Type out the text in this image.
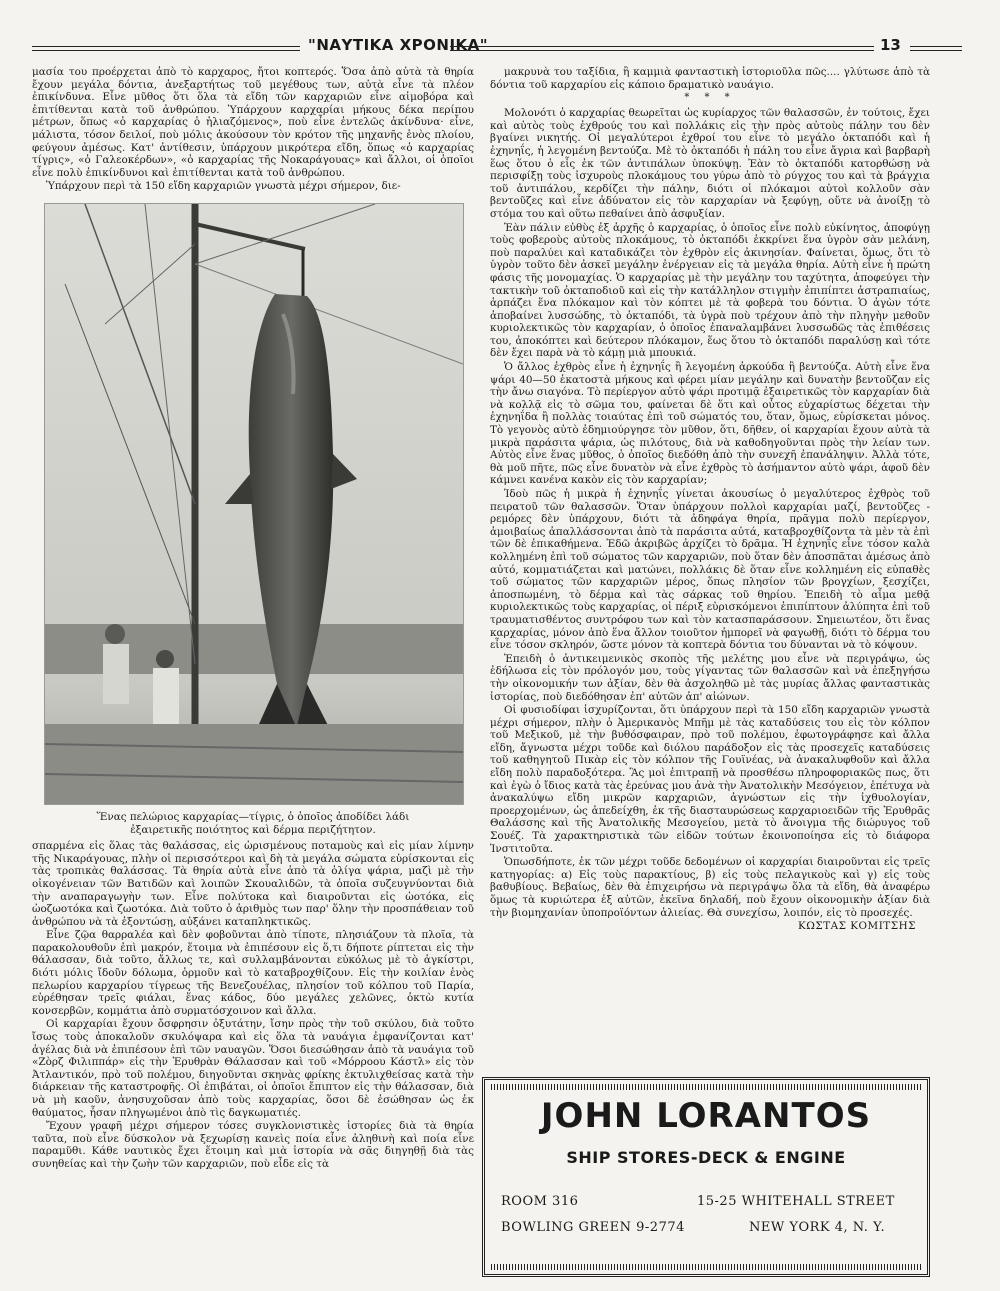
"ΝΑΥΤΙΚΑ ΧΡΟΝΙΚΑ"	13

μασία του προέρχεται ἀπὸ τὸ καρχαρος, ἤτοι κοπτερός. Ὅσα ἀπὸ αὐτὰ τὰ θηρία ἔχουν μεγάλα δόντια, ἀνεξαρτήτως τοῦ μεγέθους των, αὐτὰ εἶνε τὰ πλέον ἐπικίνδυνα. Εἶνε μῦθος ὅτι ὅλα τὰ εἴδη τῶν καρχαριῶν εἶνε αἱμοβόρα καὶ ἐπιτίθενται κατὰ τοῦ ἀνθρώπου. Ὑπάρχουν καρχαρίαι μήκους δέκα περίπου μέτρων, ὅπως «ὁ καρχαρίας ὁ ἡλιαζόμενος», ποὺ εἶνε ἐντελῶς ἀκίνδυνα· εἶνε, μάλιστα, τόσον δειλοί, ποὺ μόλις ἀκούσουν τὸν κρότον τῆς μηχανῆς ἑνὸς πλοίου, φεύγουν ἀμέσως. Κατ' ἀντίθεσιν, ὑπάρχουν μικρότερα εἴδη, ὅπως «ὁ καρχαρίας τίγρις», «ὁ Γαλεοκέρδων», «ὁ καρχαρίας τῆς Νοκαράγουας» καὶ ἄλλοι, οἱ ὁποῖοι εἶνε πολὺ ἐπικίνδυνοι καὶ ἐπιτίθενται κατὰ τοῦ ἀνθρώπου.

Ὑπάρχουν περὶ τὰ 150 εἴδη καρχαριῶν γνωστὰ μέχρι σήμερον, διε-

Ἕνας πελώριος καρχαρίας—τίγρις, ὁ ὁποῖος ἀποδίδει λάδι
ἐξαιρετικῆς ποιότητος καὶ δέρμα περιζήτητον.

σπαρμένα εἰς ὅλας τὰς θαλάσσας, εἰς ὡρισμένους ποταμοὺς καὶ εἰς μίαν λίμνην τῆς Νικαράγουας, πλὴν οἱ περισσότεροι καὶ δὴ τὰ μεγάλα σώματα εὑρίσκονται εἰς τὰς τροπικὰς θαλάσσας. Τὰ θηρία αὐτὰ εἶνε ἀπὸ τὰ ὀλίγα ψάρια, μαζὶ μὲ τὴν οἰκογένειαν τῶν Βατιδῶν καὶ λοιπῶν Σκουαλιδῶν, τὰ ὁποῖα συζευγνύονται διὰ τὴν αναπαραγωγὴν των. Εἶνε πολύτοκα καὶ διαιροῦνται εἰς ὠοτόκα, εἰς ὠοζωοτόκα καὶ ζωοτόκα. Διὰ τοῦτο ὁ ἀριθμὸς των παρ' ὅλην τὴν προσπάθειαν τοῦ ἀνθρώπου νὰ τὰ ἐξοντώσῃ, αὐξάνει καταπληκτικῶς.

Εἶνε ζῷα θαρραλέα καὶ δὲν φοβοῦνται ἀπὸ τίποτε, πλησιάζουν τὰ πλοῖα, τὰ παρακολουθοῦν ἐπὶ μακρόν, ἕτοιμα νὰ ἐπιπέσουν εἰς ὅ,τι δήποτε ρίπτεται εἰς τὴν θάλασσαν, διὰ τοῦτο, ἄλλως τε, καὶ συλλαμβάνονται εὐκόλως μὲ τὸ ἀγκίστρι, διότι μόλις ἴδοῦν δόλωμα, ὁρμοῦν καὶ τὸ καταβροχθίζουν. Εἰς τὴν κοιλίαν ἑνὸς πελωρίου καρχαρίου τίγρεως τῆς Βενεζουέλας, πλησίον τοῦ κόλπου τοῦ Παρία, εὑρέθησαν τρεῖς φιάλαι, ἕνας κάδος, δύο μεγάλες χελῶνες, ὀκτὼ κυτία κονσερβῶν, κομμάτια ἀπὸ συρματόσχοινον καὶ ἄλλα.

Οἱ καρχαρίαι ἔχουν ὄσφρησιν ὀξυτάτην, ἴσην πρὸς τὴν τοῦ σκύλου, διὰ τοῦτο ἴσως τοὺς ἀποκαλοῦν σκυλόψαρα καὶ εἰς ὅλα τὰ ναυάγια ἐμφανίζονται κατ' ἀγέλας διὰ νὰ ἐπιπέσουν ἐπὶ τῶν ναυαγῶν. Ὅσοι διεσώθησαν ἀπὸ τὰ ναυάγια τοῦ «Ζὸρζ Φιλιππάρ» εἰς τὴν Ἐρυθρὰν Θάλασσαν καὶ τοῦ «Μόρρoου Κάστλ» εἰς τὸν Ἀτλαντικόν, πρὸ τοῦ πολέμου, διηγοῦνται σκηνὰς φρίκης ἐκτυλιχθείσας κατὰ τὴν διάρκειαν τῆς καταστροφῆς. Οἱ ἐπιβάται, οἱ ὁποῖοι ἔπιπτον εἰς τὴν θάλασσαν, διὰ νὰ μὴ καοῦν, ἀνησυχοῦσαν ἀπὸ τοὺς καρχαρίας, ὅσοι δὲ ἐσώθησαν ὡς ἐκ θαύματος, ἦσαν πληγωμένοι ἀπὸ τὶς δαγκωματιές.

Ἔχουν γραφῆ μέχρι σήμερον τόσες συγκλονιστικὲς ἱστορίες διὰ τὰ θηρία ταῦτα, ποὺ εἶνε δύσκολον νὰ ξεχωρίσῃ κανεὶς ποία εἶνε ἀληθινὴ καὶ ποία εἶνε παραμῦθι. Κάθε ναυτικὸς ἔχει ἕτοιμη καὶ μιὰ ἱστορία νὰ σᾶς διηγηθῇ διὰ τὰς συνηθείας καὶ τὴν ζωὴν τῶν καρχαριῶν, ποὺ εἶδε εἰς τὰ

μακρυνὰ του ταξίδια, ἢ καμμιὰ φανταστικὴ ἱστοριοῦλα πῶς.... γλύτωσε ἀπὸ τὰ δόντια τοῦ καρχαρίου εἰς κάποιο δραματικὸ ναυάγιο.

* * *

Μολονότι ὁ καρχαρίας θεωρεῖται ὡς κυρίαρχος τῶν θαλασσῶν, ἐν τούτοις, ἔχει καὶ αὐτὸς τοὺς ἐχθρούς του καὶ πολλάκις εἰς τὴν πρὸς αὐτοὺς πάλην του δὲν βγαίνει νικητής. Οἱ μεγαλύτεροι ἐχθροί του εἶνε τὸ μεγάλο ὀκταπόδι καὶ ἡ ἐχηνηΐς, ἡ λεγομένη βεντούζα. Μὲ τὸ ὀκταπόδι ἡ πάλη του εἶνε ἄγρια καὶ βαρβαρὴ ἕως ὅτου ὁ εἷς ἐκ τῶν ἀντιπάλων ὑποκύψῃ. Ἐὰν τὸ ὀκταπόδι κατορθώσῃ νὰ περισφίξῃ τοὺς ἰσχυροὺς πλοκάμους του γύρω ἀπὸ τὸ ρύγχος του καὶ τὰ βράγχια τοῦ ἀντιπάλου, κερδίζει τὴν πάλην, διότι οἱ πλόκαμοι αὐτοὶ κολλοῦν σὰν βεντοῦζες καὶ εἶνε ἀδύνατον εἰς τὸν καρχαρίαν νὰ ξεφύγῃ, οὔτε νὰ ἀνοίξῃ τὸ στόμα του καὶ οὕτω πεθαίνει ἀπὸ ἀσφυξίαν.

Ἐὰν πάλιν εὐθὺς ἐξ ἀρχῆς ὁ καρχαρίας, ὁ ὁποῖος εἶνε πολὺ εὐκίνητος, ἀποφύγῃ τοὺς φοβεροὺς αὐτοὺς πλοκάμους, τὸ ὀκταπόδι ἐκκρίνει ἕνα ὑγρὸν σὰν μελάνη, ποὺ παραλύει καὶ καταδικάζει τὸν ἐχθρὸν εἰς ἀκινησίαν. Φαίνεται, ὅμως, ὅτι τὸ ὑγρὸν τοῦτο δὲν ἀσκεῖ μεγάλην ἐνέργειαν εἰς τὰ μεγάλα θηρία. Αὐτὴ εἶνε ἡ πρώτη φάσις τῆς μονομαχίας. Ὁ καρχαρίας μὲ τὴν μεγάλην του ταχύτητα, ἀποφεύγει τὴν τακτικὴν τοῦ ὀκταποδιοῦ καὶ εἰς τὴν κατάλληλον στιγμὴν ἐπιπίπτει ἀστραπιαίως, ἁρπάζει ἕνα πλόκαμον καὶ τὸν κόπτει μὲ τὰ φοβερὰ του δόντια. Ὁ ἀγὼν τότε ἀποβαίνει λυσσώδης, τὸ ὀκταπόδι, τὰ ὑγρὰ ποὺ τρέχουν ἀπὸ τὴν πληγὴν μεθοῦν κυριολεκτικῶς τὸν καρχαρίαν, ὁ ὁποῖος ἐπαναλαμβάνει λυσσωδῶς τὰς ἐπιθέσεις του, ἀποκόπτει καὶ δεύτερον πλόκαμον, ἕως ὅτου τὸ ὀκταπόδι παραλύσῃ καὶ τότε δὲν ἔχει παρὰ νὰ τὸ κάμῃ μιὰ μπουκιά.

Ὁ ἄλλος ἐχθρὸς εἶνε ἡ ἐχηνηΐς ἢ λεγομένη ἀρκούδα ἢ βεντούζα. Αὐτὴ εἶνε ἕνα ψάρι 40—50 ἑκατοστὰ μήκους καὶ φέρει μίαν μεγάλην καὶ δυνατὴν βεντοῦζαν εἰς τὴν ἄνω σιαγόνα. Τὸ περίεργον αὐτὸ ψάρι προτιμᾷ ἐξαιρετικῶς τὸν καρχαρίαν διὰ νὰ κολλᾷ εἰς τὸ σῶμα του, φαίνεται δὲ ὅτι καὶ οὗτος εὐχαρίστως δέχεται τὴν ἐχηνηΐδα ἢ πολλὰς τοιαύτας ἐπὶ τοῦ σώματός του, ὅταν, ὅμως, εὑρίσκεται μόνος. Τὸ γεγονὸς αὐτὸ ἐδημιούργησε τὸν μῦθον, ὅτι, δῆθεν, οἱ καρχαρίαι ἔχουν αὐτὰ τὰ μικρὰ παράσιτα ψάρια, ὡς πιλότους, διὰ νὰ καθοδηγοῦνται πρὸς τὴν λείαν των. Αὐτὸς εἶνε ἕνας μῦθος, ὁ ὁποῖος διεδόθη ἀπὸ τὴν συνεχῆ ἐπανάληψιν. Ἀλλὰ τότε, θὰ μοῦ πῆτε, πῶς εἶνε δυνατὸν νὰ εἶνε ἐχθρὸς τὸ ἀσήμαντον αὐτὸ ψάρι, ἀφοῦ δὲν κάμνει κανένα κακὸν εἰς τὸν καρχαρίαν;

Ἰδοὺ πῶς ἡ μικρὰ ἡ ἐχηνηΐς γίνεται ἀκουσίως ὁ μεγαλύτερος ἐχθρὸς τοῦ πειρατοῦ τῶν θαλασσῶν. Ὅταν ὑπάρχουν πολλοὶ καρχαρίαι μαζί, βεντοῦζες - ρεμόρες δὲν ὑπάρχουν, διότι τὰ ἀδηφάγα θηρία, πρᾶγμα πολὺ περίεργον, ἀμοιβαίως ἀπαλλάσσονται ἀπὸ τὰ παράσιτα αὐτά, καταβροχθίζοντα τὰ μὲν τὰ ἐπὶ τῶν δὲ ἐπικαθήμενα. Ἐδῶ ἀκριβῶς ἀρχίζει τὸ δρᾶμα. Ἡ ἐχηνηΐς εἶνε τόσον καλὰ κολλημένη ἐπὶ τοῦ σώματος τῶν καρχαριῶν, ποὺ ὅταν δὲν ἀποσπᾶται ἀμέσως ἀπὸ αὐτό, κομματιάζεται καὶ ματώνει, πολλάκις δὲ ὅταν εἶνε κολλημένη εἰς εὐπαθὲς τοῦ σώματος τῶν καρχαριῶν μέρος, ὅπως πλησίον τῶν βρογχίων, ξεσχίζει, ἀποσπωμένη, τὸ δέρμα καὶ τὰς σάρκας τοῦ θηρίου. Ἐπειδὴ τὸ αἷμα μεθᾷ κυριολεκτικῶς τοὺς καρχαρίας, οἱ πέριξ εὑρισκόμενοι ἐπιπίπτουν ἀλύπητα ἐπὶ τοῦ τραυματισθέντος συντρόφου των καὶ τὸν κατασπαράσσουν. Σημειωτέον, ὅτι ἕνας καρχαρίας, μόνον ἀπὸ ἕνα ἄλλον τοιοῦτον ἠμπορεῖ νὰ φαγωθῇ, διότι τὸ δέρμα του εἶνε τόσον σκληρόν, ὥστε μόνον τὰ κοπτερὰ δόντια του δύνανται νὰ τὸ κόψουν.

Ἐπειδὴ ὁ ἀντικειμενικὸς σκοπὸς τῆς μελέτης μου εἶνε νὰ περιγράψω, ὡς ἐδήλωσα εἰς τὸν πρόλογόν μου, τοὺς γίγαντας τῶν θαλασσῶν καὶ νὰ ἐπεξηγήσω τὴν οἰκονομικήν των ἀξίαν, δὲν θὰ ἀσχοληθῶ μὲ τὰς μυρίας ἄλλας φανταστικὰς ἱστορίας, ποὺ διεδόθησαν ἐπ' αὐτῶν ἀπ' αἰώνων.

Οἱ φυσιοδίφαι ἰσχυρίζονται, ὅτι ὑπάρχουν περὶ τὰ 150 εἴδη καρχαριῶν γνωστὰ μέχρι σήμερον, πλὴν ὁ Ἀμερικανὸς Μπῆμ μὲ τὰς καταδύσεις του εἰς τὸν κόλπον τοῦ Μεξικοῦ, μὲ τὴν βυθόσφαιραν, πρὸ τοῦ πολέμου, ἐφωτογράφησε καὶ ἄλλα εἴδη, ἄγνωστα μέχρι τοῦδε καὶ διόλου παράδοξον εἰς τὰς προσεχεῖς καταδύσεις τοῦ καθηγητοῦ Πικὰρ εἰς τὸν κόλπον τῆς Γουϊνέας, νὰ ἀνακαλυφθοῦν καὶ ἄλλα εἴδη πολὺ παραδοξότερα. Ἂς μοὶ ἐπιτραπῇ νὰ προσθέσω πληροφοριακῶς πως, ὅτι καὶ ἐγὼ ὁ ἴδιος κατὰ τὰς ἐρεύνας μου ἀνὰ τὴν Ἀνατολικὴν Μεσόγειον, ἐπέτυχα νὰ ἀνακαλύψω εἴδη μικρῶν καρχαριῶν, ἀγνώστων εἰς τὴν ἰχθυολογίαν, προερχομένων, ὡς ἀπεδείχθη, ἐκ τῆς διασταυρώσεως καρχαριοειδῶν τῆς Ἐρυθρᾶς Θαλάσσης καὶ τῆς Ἀνατολικῆς Μεσογείου, μετὰ τὸ ἄνοιγμα τῆς διώρυγος τοῦ Σουέζ. Τὰ χαρακτηριστικὰ τῶν εἰδῶν τούτων ἐκοινοποίησα εἰς τὸ διάφορα Ἰνστιτοῦτα.

Ὁπωσδήποτε, ἐκ τῶν μέχρι τοῦδε δεδομένων οἱ καρχαρίαι διαιροῦνται εἰς τρεῖς κατηγορίας: α) Εἰς τοὺς παρακτίους, β) εἰς τοὺς πελαγικοὺς καὶ γ) εἰς τοὺς βαθυβίους. Βεβαίως, δὲν θὰ ἐπιχειρήσω νὰ περιγράψω ὅλα τὰ εἴδη, θὰ ἀναφέρω ὅμως τὰ κυριώτερα ἐξ αὐτῶν, ἐκεῖνα δηλαδή, ποὺ ἔχουν οἰκονομικὴν ἀξίαν διὰ τὴν βιομηχανίαν ὑποπροϊόντων ἁλιείας. Θὰ συνεχίσω, λοιπόν, εἰς τὸ προσεχές.

ΚΩΣΤΑΣ ΚΟΜΙΤΣΗΣ

JOHN LORANTOS
SHIP STORES-DECK & ENGINE
ROOM 316	15-25 WHITEHALL STREET
BOWLING GREEN 9-2774	NEW YORK 4, N. Y.
